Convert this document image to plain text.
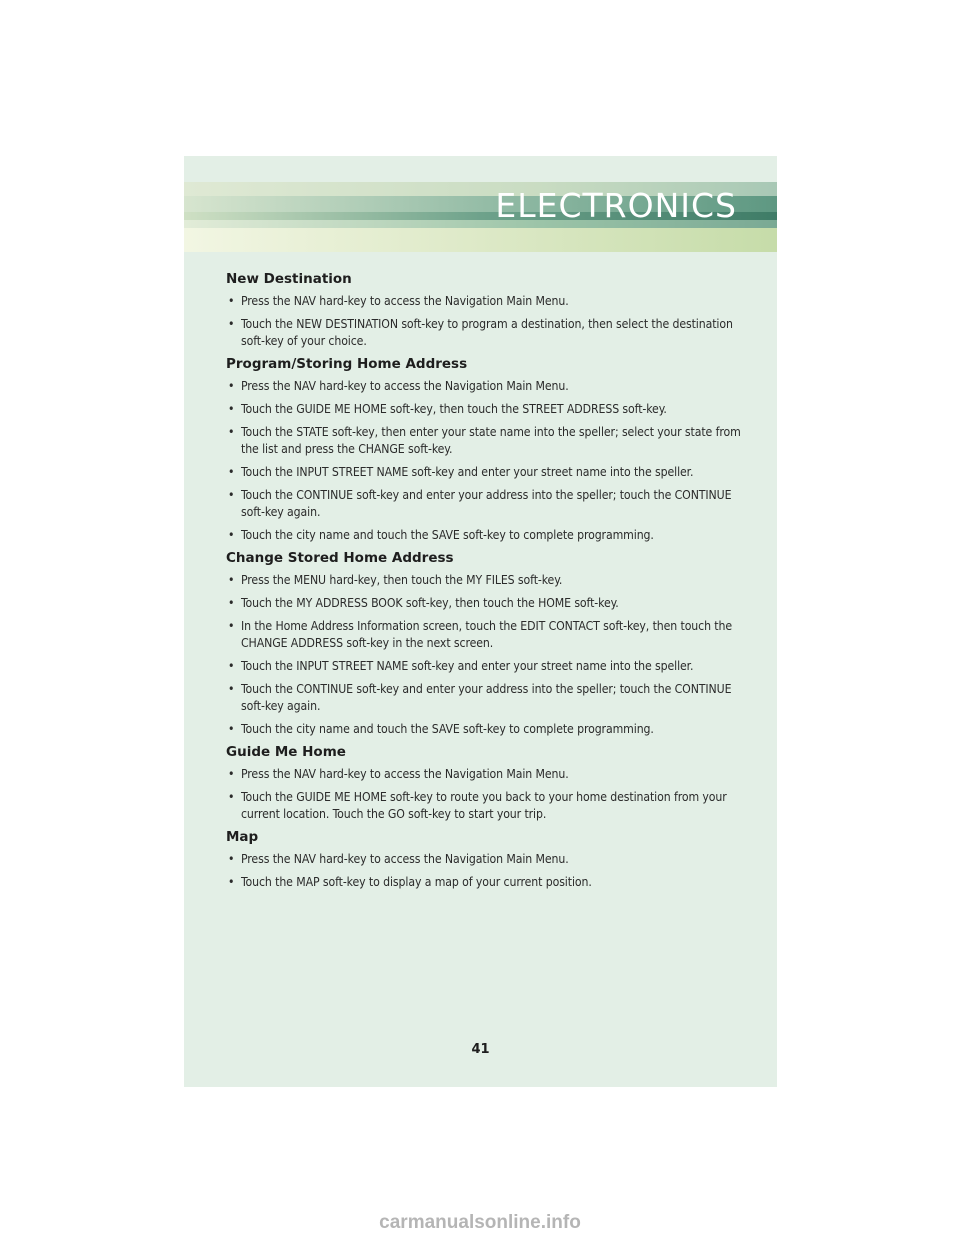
ELECTRONICS
New Destination
• Press the NAV hard-key to access the Navigation Main Menu.
• Touch the NEW DESTINATION soft-key to program a destination, then select the destination soft-key of your choice.
Program/Storing Home Address
• Press the NAV hard-key to access the Navigation Main Menu.
• Touch the GUIDE ME HOME soft-key, then touch the STREET ADDRESS soft-key.
• Touch the STATE soft-key, then enter your state name into the speller; select your state from the list and press the CHANGE soft-key.
• Touch the INPUT STREET NAME soft-key and enter your street name into the speller.
• Touch the CONTINUE soft-key and enter your address into the speller; touch the CONTINUE soft-key again.
• Touch the city name and touch the SAVE soft-key to complete programming.
Change Stored Home Address
• Press the MENU hard-key, then touch the MY FILES soft-key.
• Touch the MY ADDRESS BOOK soft-key, then touch the HOME soft-key.
• In the Home Address Information screen, touch the EDIT CONTACT soft-key, then touch the CHANGE ADDRESS soft-key in the next screen.
• Touch the INPUT STREET NAME soft-key and enter your street name into the speller.
• Touch the CONTINUE soft-key and enter your address into the speller; touch the CONTINUE soft-key again.
• Touch the city name and touch the SAVE soft-key to complete programming.
Guide Me Home
• Press the NAV hard-key to access the Navigation Main Menu.
• Touch the GUIDE ME HOME soft-key to route you back to your home destination from your current location. Touch the GO soft-key to start your trip.
Map
• Press the NAV hard-key to access the Navigation Main Menu.
• Touch the MAP soft-key to display a map of your current position.
41
carmanualsonline.info
